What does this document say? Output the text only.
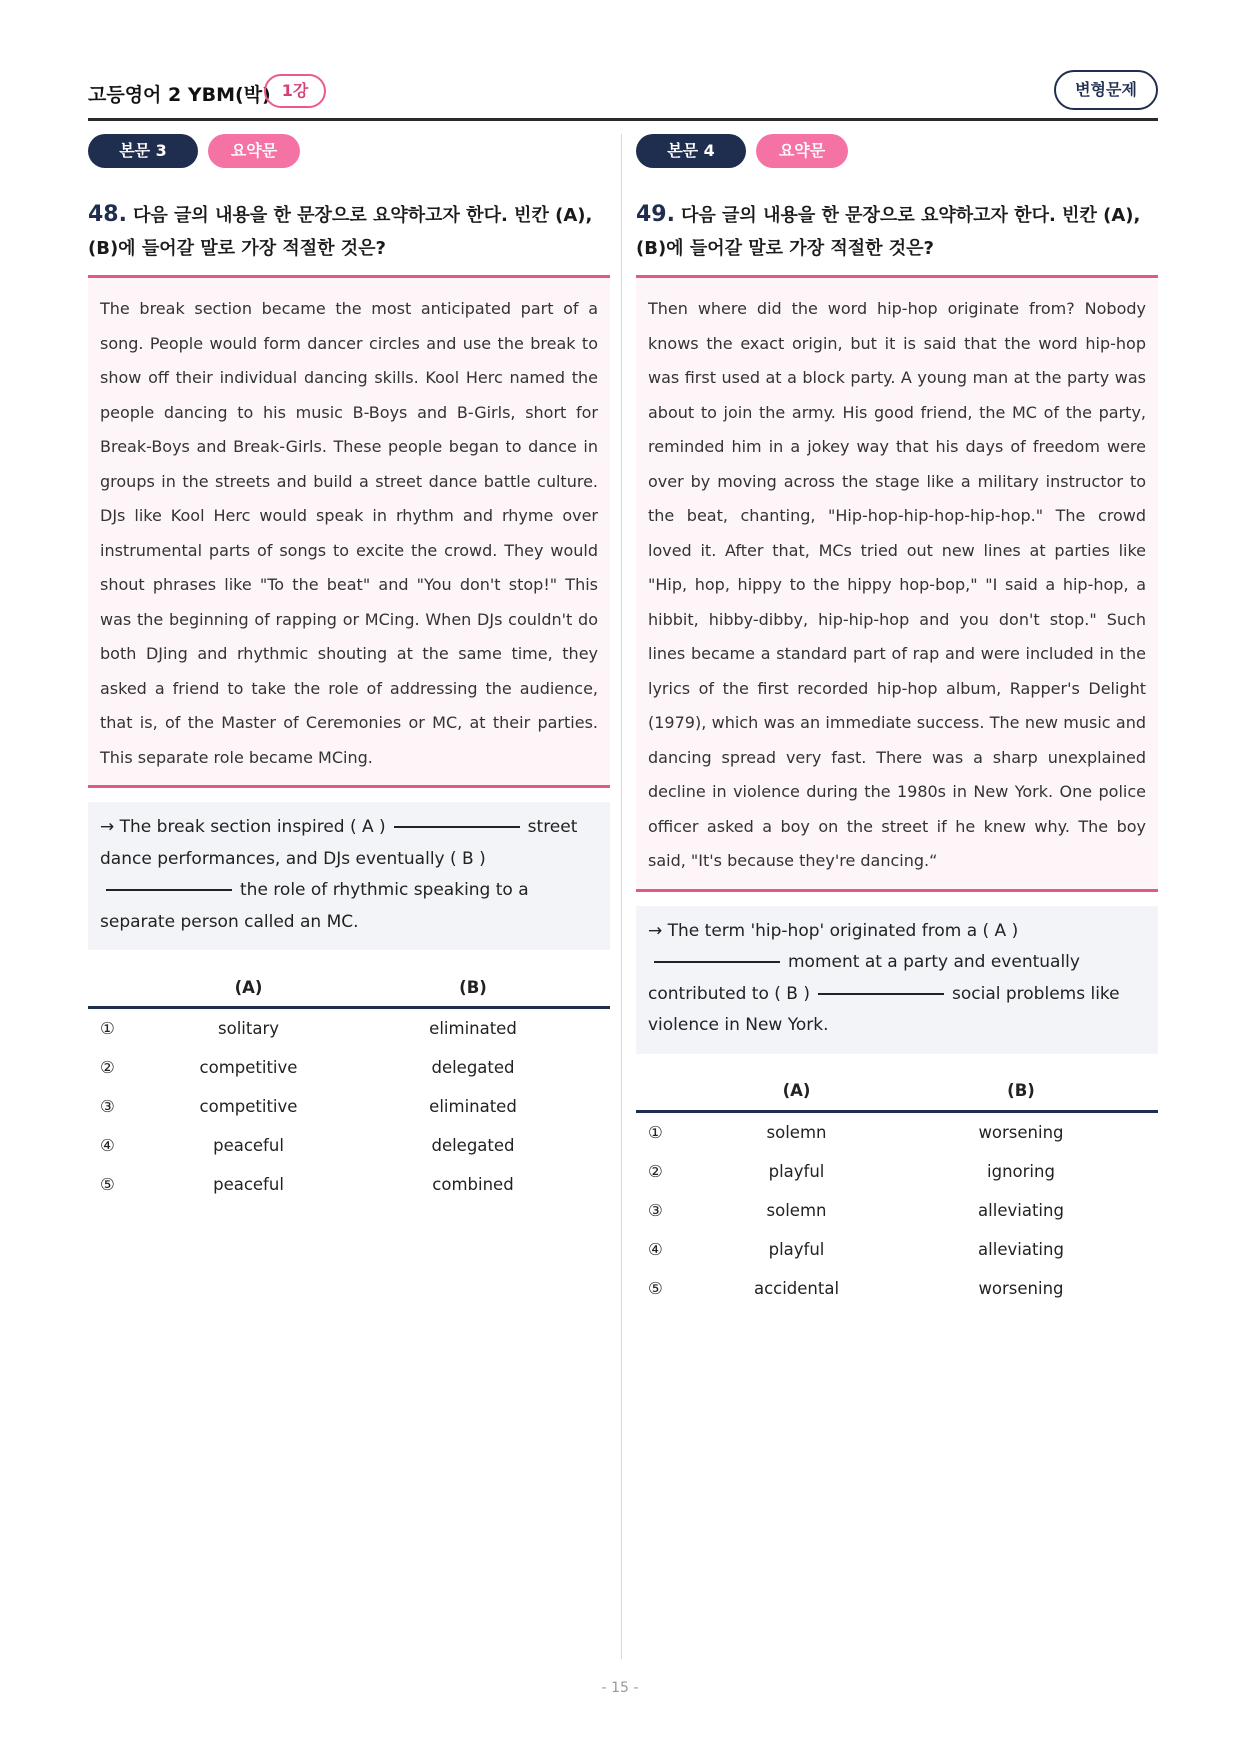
고등영어 2 YBM(박) 1강	변형문제
본문 3	요약문
48. 다음 글의 내용을 한 문장으로 요약하고자 한다. 빈칸 (A), (B)에 들어갈 말로 가장 적절한 것은?
The break section became the most anticipated part of a song. People would form dancer circles and use the break to show off their individual dancing skills. Kool Herc named the people dancing to his music B-Boys and B-Girls, short for Break-Boys and Break-Girls. These people began to dance in groups in the streets and build a street dance battle culture. DJs like Kool Herc would speak in rhythm and rhyme over instrumental parts of songs to excite the crowd. They would shout phrases like "To the beat" and "You don't stop!" This was the beginning of rapping or MCing. When DJs couldn't do both DJing and rhythmic shouting at the same time, they asked a friend to take the role of addressing the audience, that is, of the Master of Ceremonies or MC, at their parties. This separate role became MCing.
→ The break section inspired ( A )	street dance performances, and DJs eventually ( B )
the role of rhythmic speaking to a separate person called an MC.
	(A)	(B)
①	solitary	eliminated
②	competitive	delegated
③	competitive	eliminated
④	peaceful	delegated
⑤	peaceful	combined
본문 4	요약문
49. 다음 글의 내용을 한 문장으로 요약하고자 한다. 빈칸 (A), (B)에 들어갈 말로 가장 적절한 것은?
Then where did the word hip-hop originate from? Nobody knows the exact origin, but it is said that the word hip-hop was first used at a block party. A young man at the party was about to join the army. His good friend, the MC of the party, reminded him in a jokey way that his days of freedom were over by moving across the stage like a military instructor to the beat, chanting, "Hip-hop-hip-hop-hip-hop." The crowd loved it. After that, MCs tried out new lines at parties like "Hip, hop, hippy to the hippy hop-bop," "I said a hip-hop, a hibbit, hibby-dibby, hip-hip-hop and you don't stop." Such lines became a standard part of rap and were included in the lyrics of the first recorded hip-hop album, Rapper's Delight (1979), which was an immediate success. The new music and dancing spread very fast. There was a sharp unexplained decline in violence during the 1980s in New York. One police officer asked a boy on the street if he knew why. The boy said, "It's because they're dancing.“
→ The term 'hip-hop' originated from a ( A )
moment at a party and eventually contributed to ( B )	social problems like violence in New York.
	(A)	(B)
①	solemn	worsening
②	playful	ignoring
③	solemn	alleviating
④	playful	alleviating
⑤	accidental	worsening
- 15 -
